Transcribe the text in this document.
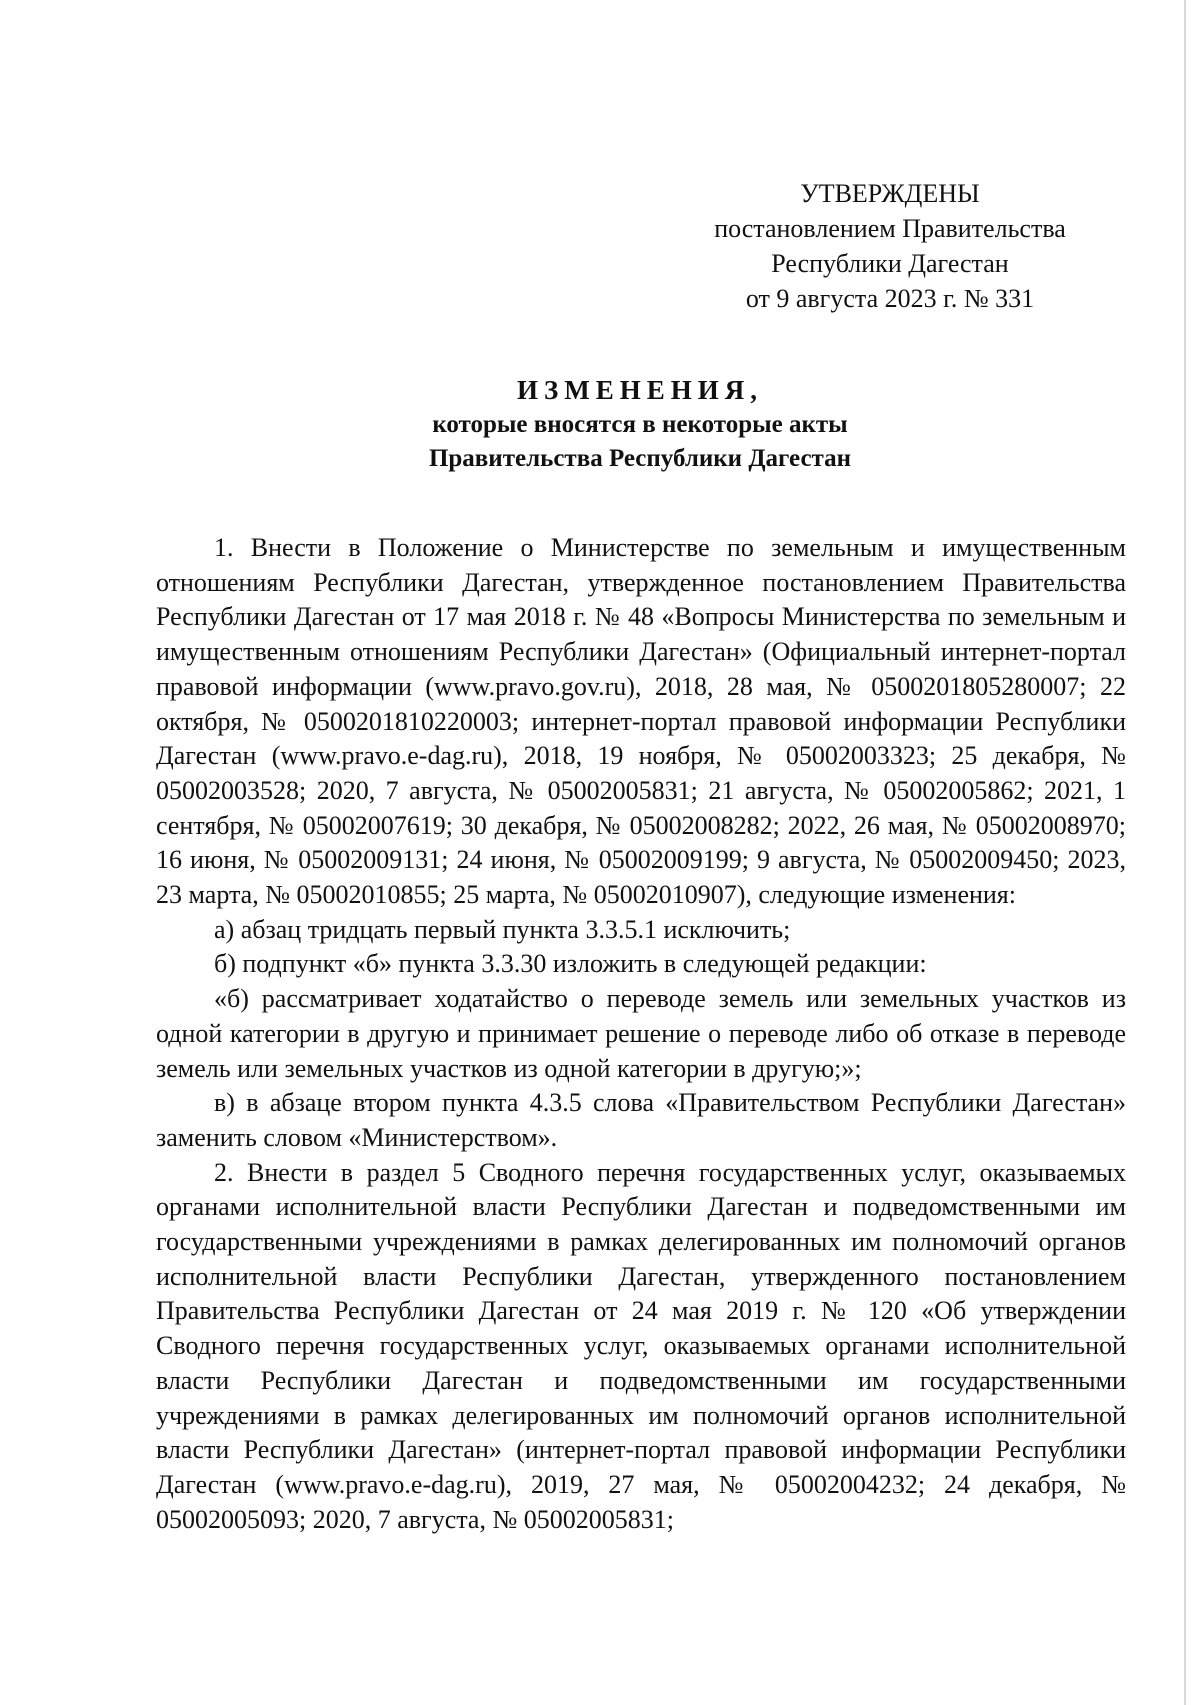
УТВЕРЖДЕНЫ
постановлением Правительства
Республики Дагестан
от 9 августа 2023 г. № 331
ИЗМЕНЕНИЯ,
которые вносятся в некоторые акты
Правительства Республики Дагестан

1. Внести в Положение о Министерстве по земельным и имущественным отношениям Республики Дагестан, утвержденное постановлением Правительства Республики Дагестан от 17 мая 2018 г. № 48 «Вопросы Министерства по земельным и имущественным отношениям Республики Дагестан» (Официальный интернет-портал правовой информации (www.pravo.gov.ru), 2018, 28 мая, № 0500201805280007; 22 октября, № 0500201810220003; интернет-портал правовой информации Республики Дагестан (www.pravo.e-dag.ru), 2018, 19 ноября, № 05002003323; 25 декабря, № 05002003528; 2020, 7 августа, № 05002005831; 21 августа, № 05002005862; 2021, 1 сентября, № 05002007619; 30 декабря, № 05002008282; 2022, 26 мая, № 05002008970; 16 июня, № 05002009131; 24 июня, № 05002009199; 9 августа, № 05002009450; 2023, 23 марта, № 05002010855; 25 марта, № 05002010907), следующие изменения:

а) абзац тридцать первый пункта 3.3.5.1 исключить;

б) подпункт «б» пункта 3.3.30 изложить в следующей редакции:

«б) рассматривает ходатайство о переводе земель или земельных участков из одной категории в другую и принимает решение о переводе либо об отказе в переводе земель или земельных участков из одной категории в другую;»;

в) в абзаце втором пункта 4.3.5 слова «Правительством Республики Дагестан» заменить словом «Министерством».

2. Внести в раздел 5 Сводного перечня государственных услуг, оказываемых органами исполнительной власти Республики Дагестан и подведомственными им государственными учреждениями в рамках делегированных им полномочий органов исполнительной власти Республики Дагестан, утвержденного постановлением Правительства Республики Дагестан от 24 мая 2019 г. № 120 «Об утверждении Сводного перечня государственных услуг, оказываемых органами исполнительной власти Республики Дагестан и подведомственными им государственными учреждениями в рамках делегированных им полномочий органов исполнительной власти Республики Дагестан» (интернет-портал правовой информации Республики Дагестан (www.pravo.e-dag.ru), 2019, 27 мая, № 05002004232; 24 декабря, № 05002005093; 2020, 7 августа, № 05002005831;
